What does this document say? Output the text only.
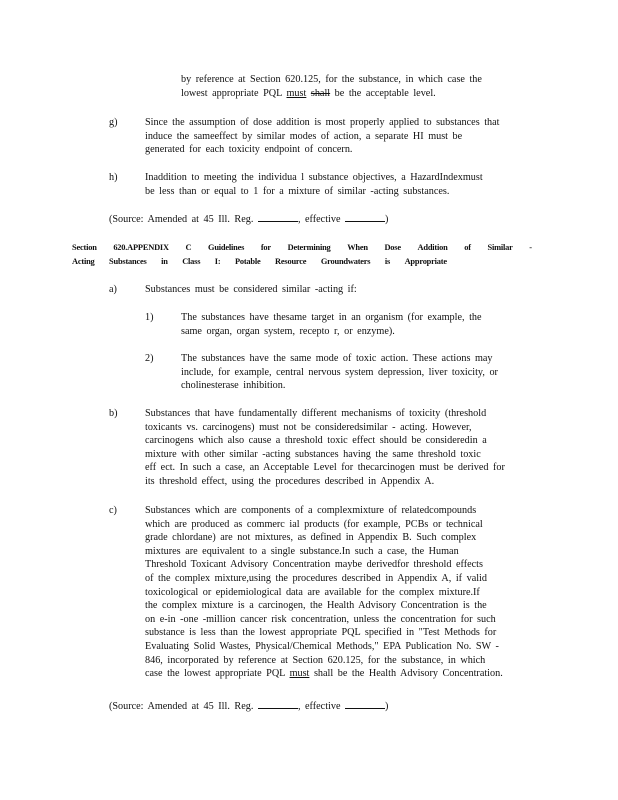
by reference at Section 620.125, for the substance, in which case the
lowest appropriate PQL must shall be the acceptable level.
g)	Since the assumption of dose addition is most properly applied to substances that
induce the sameeffect by similar modes of action, a separate HI must be
generated for each toxicity endpoint of concern.
h)	Inaddition to meeting the individua l substance objectives, a HazardIndexmust
be less than or equal to 1 for a mixture of similar -acting substances.
(Source: Amended at 45 Ill. Reg.	, effective	)
Section 620.APPENDIX C Guidelines for Determining When Dose Addition of Similar -
Acting Substances in Class I: Potable Resource Groundwaters is Appropriate
a)	Substances must be considered similar -acting if:
1)	The substances have thesame target in an organism (for example, the
same organ, organ system, recepto r, or enzyme).
2)	The substances have the same mode of toxic action. These actions may
include, for example, central nervous system depression, liver toxicity, or
cholinesterase inhibition.
b)	Substances that have fundamentally different mechanisms of toxicity (threshold
toxicants vs. carcinogens) must not be consideredsimilar - acting. However,
carcinogens which also cause a threshold toxic effect should be consideredin a
mixture with other similar -acting substances having the same threshold toxic
eff ect. In such a case, an Acceptable Level for thecarcinogen must be derived for
its threshold effect, using the procedures described in Appendix A.
c)	Substances which are components of a complexmixture of relatedcompounds
which are produced as commerc ial products (for example, PCBs or technical
grade chlordane) are not mixtures, as defined in Appendix B. Such complex
mixtures are equivalent to a single substance.In such a case, the Human
Threshold Toxicant Advisory Concentration maybe derivedfor threshold effects
of the complex mixture,using the procedures described in Appendix A, if valid
toxicological or epidemiological data are available for the complex mixture.If
the complex mixture is a carcinogen, the Health Advisory Concentration is the
on e-in -one -million cancer risk concentration, unless the concentration for such
substance is less than the lowest appropriate PQL specified in "Test Methods for
Evaluating Solid Wastes, Physical/Chemical Methods," EPA Publication No. SW -
846, incorporated by reference at Section 620.125, for the substance, in which
case the lowest appropriate PQL must shall be the Health Advisory Concentration.
(Source: Amended at 45 Ill. Reg.	, effective	)
